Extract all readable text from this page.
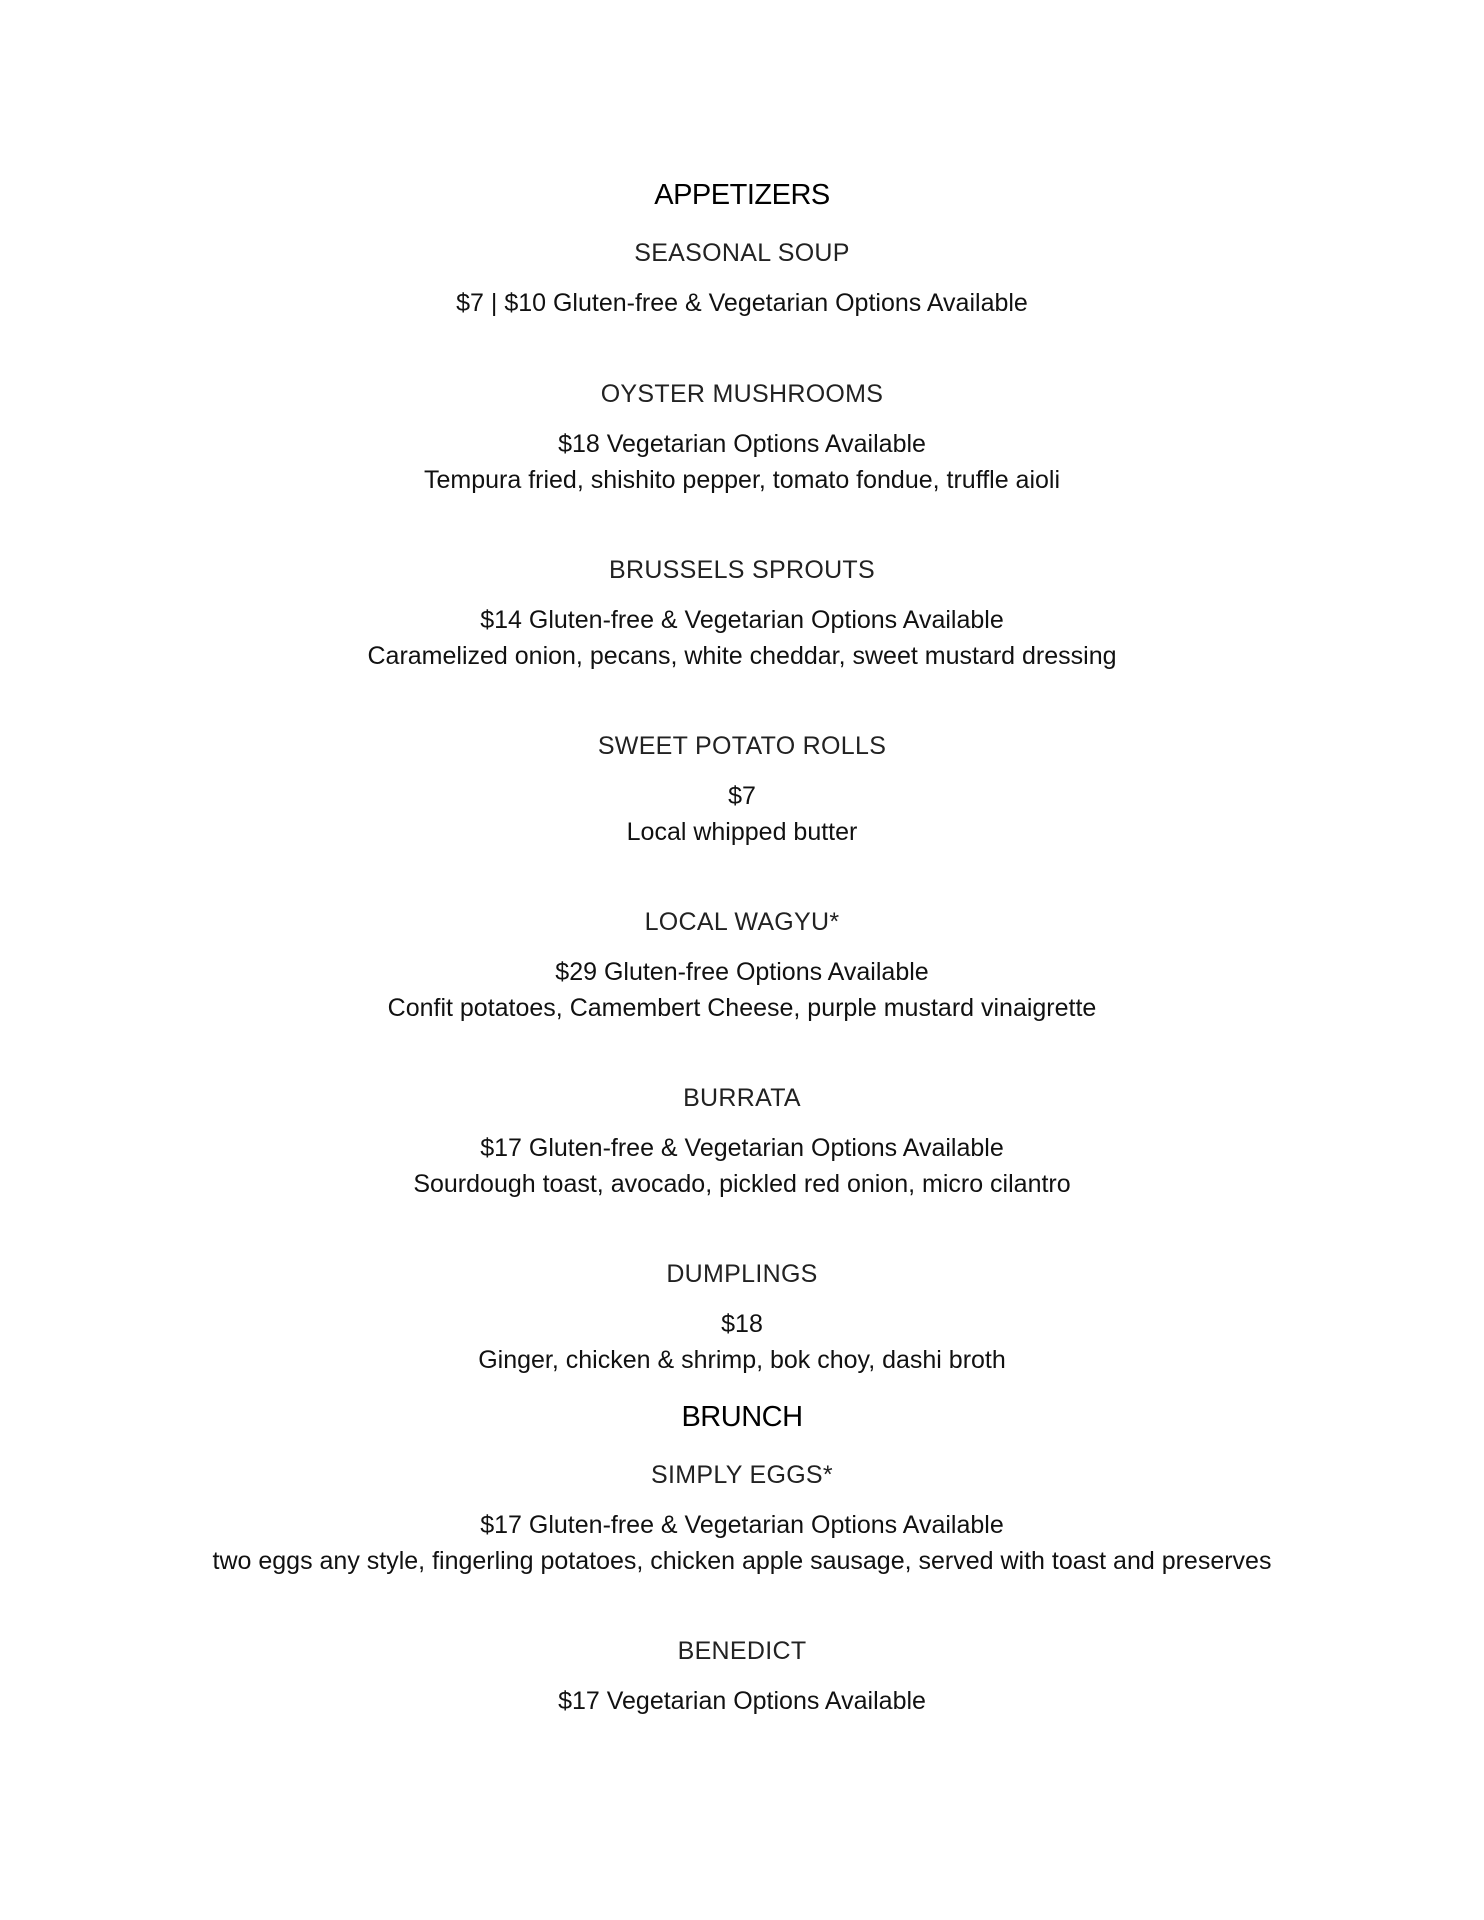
APPETIZERS
SEASONAL SOUP
$7 | $10 Gluten-free & Vegetarian Options Available
OYSTER MUSHROOMS
$18 Vegetarian Options Available
Tempura fried, shishito pepper, tomato fondue, truffle aioli
BRUSSELS SPROUTS
$14 Gluten-free & Vegetarian Options Available
Caramelized onion, pecans, white cheddar, sweet mustard dressing
SWEET POTATO ROLLS
$7
Local whipped butter
LOCAL WAGYU*
$29 Gluten-free Options Available
Confit potatoes, Camembert Cheese, purple mustard vinaigrette
BURRATA
$17 Gluten-free & Vegetarian Options Available
Sourdough toast, avocado, pickled red onion, micro cilantro
DUMPLINGS
$18
Ginger, chicken & shrimp, bok choy, dashi broth
BRUNCH
SIMPLY EGGS*
$17 Gluten-free & Vegetarian Options Available
two eggs any style, fingerling potatoes, chicken apple sausage, served with toast and preserves
BENEDICT
$17 Vegetarian Options Available
